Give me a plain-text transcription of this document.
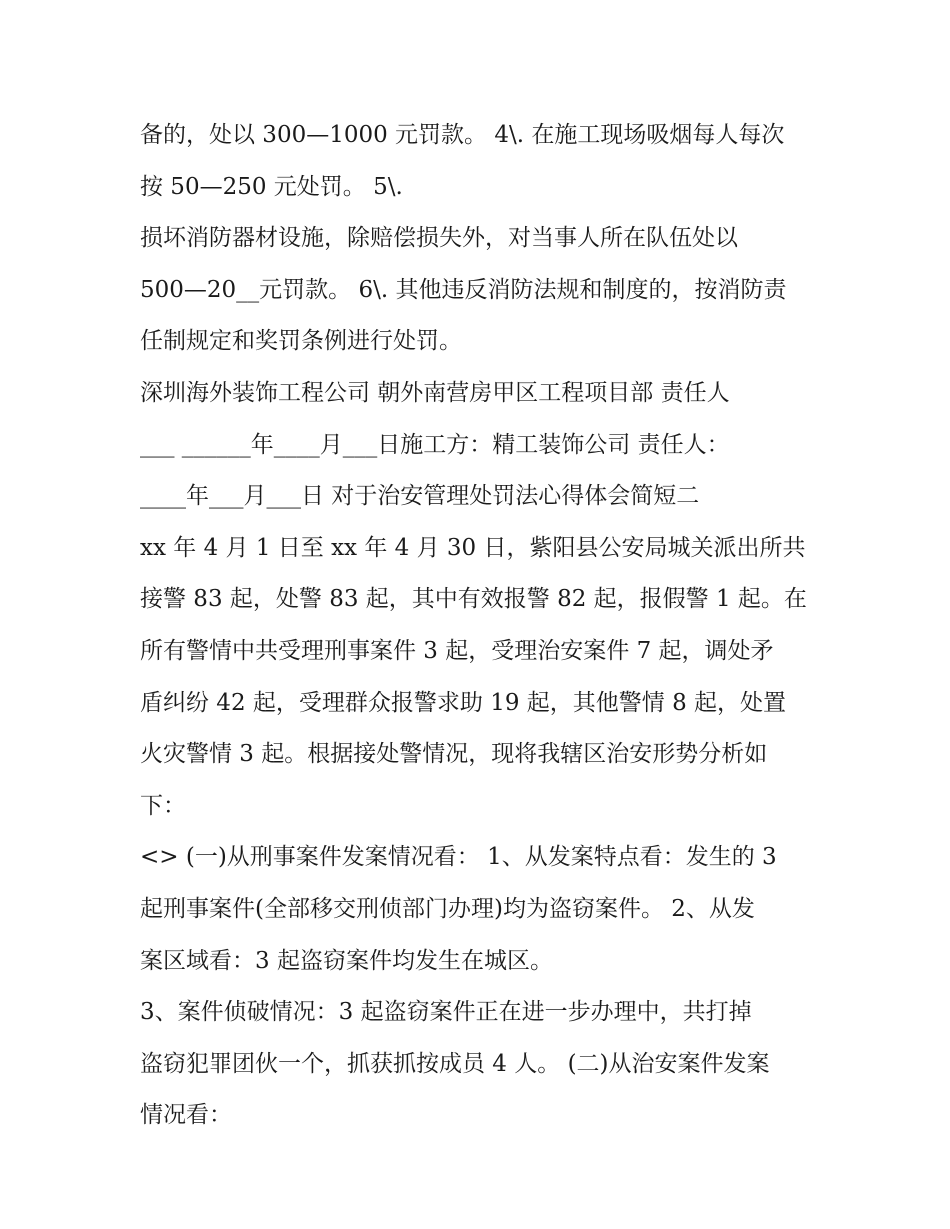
备的，处以 300—1000 元罚款。 4\. 在施工现场吸烟每人每次
按 50—250 元处罚。 5\.
损坏消防器材设施，除赔偿损失外，对当事人所在队伍处以
500—20__元罚款。 6\. 其他违反消防法规和制度的，按消防责
任制规定和奖罚条例进行处罚。
深圳海外装饰工程公司 朝外南营房甲区工程项目部 责任人
___ ______年____月___日施工方：精工装饰公司 责任人：
____年___月___日 对于治安管理处罚法心得体会简短二
xx 年 4 月 1 日至 xx 年 4 月 30 日，紫阳县公安局城关派出所共
接警 83 起，处警 83 起，其中有效报警 82 起，报假警 1 起。在
所有警情中共受理刑事案件 3 起，受理治安案件 7 起，调处矛
盾纠纷 42 起，受理群众报警求助 19 起，其他警情 8 起，处置
火灾警情 3 起。根据接处警情况，现将我辖区治安形势分析如
下：
<> (一)从刑事案件发案情况看： 1、从发案特点看：发生的 3
起刑事案件(全部移交刑侦部门办理)均为盗窃案件。 2、从发
案区域看：3 起盗窃案件均发生在城区。
3、案件侦破情况：3 起盗窃案件正在进一步办理中，共打掉
盗窃犯罪团伙一个，抓获抓按成员 4 人。 (二)从治安案件发案
情况看：
